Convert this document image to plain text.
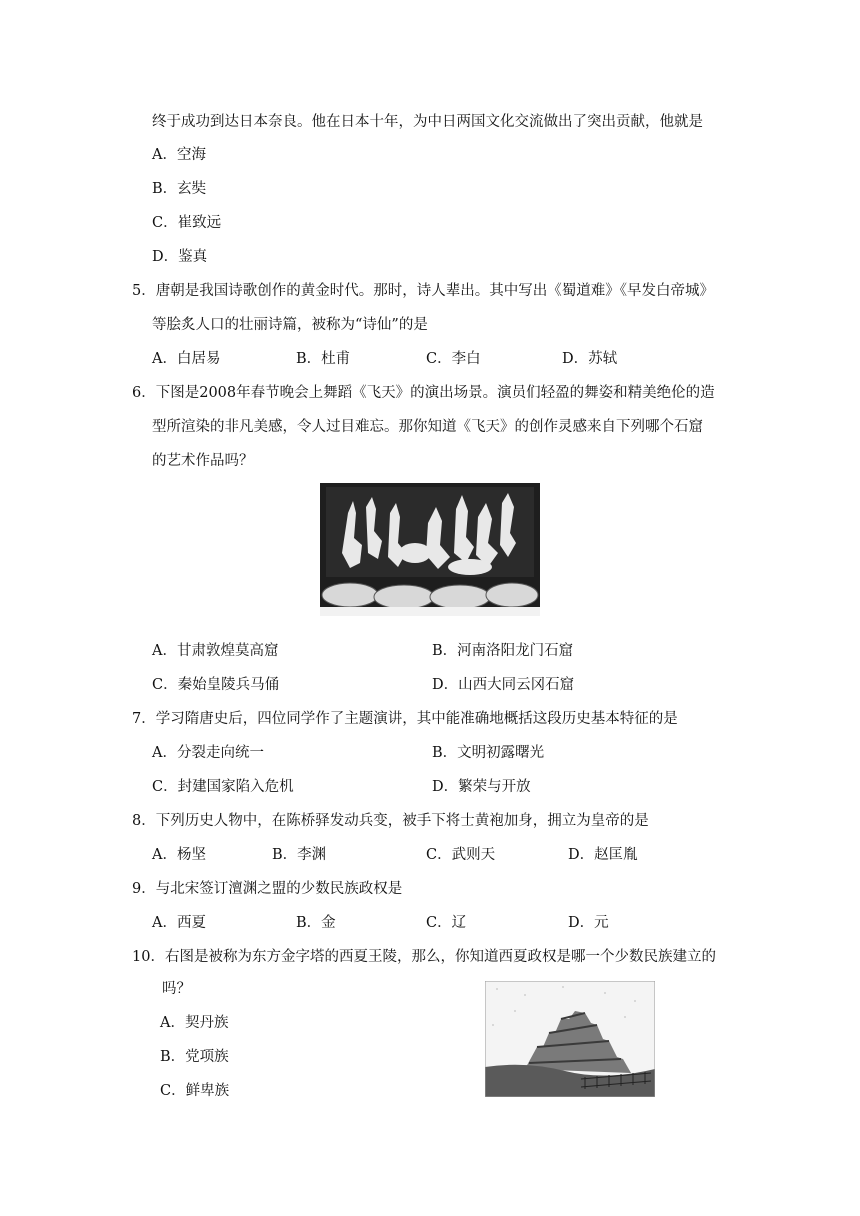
终于成功到达日本奈良。他在日本十年，为中日两国文化交流做出了突出贡献，他就是
A．空海
B．玄奘
C．崔致远
D．鉴真
5．唐朝是我国诗歌创作的黄金时代。那时，诗人辈出。其中写出《蜀道难》《早发白帝城》
等脍炙人口的壮丽诗篇，被称为“诗仙”的是
A．白居易	B．杜甫	C．李白	D．苏轼
6．下图是2008年春节晚会上舞蹈《飞天》的演出场景。演员们轻盈的舞姿和精美绝伦的造
型所渲染的非凡美感，令人过目难忘。那你知道《飞天》的创作灵感来自下列哪个石窟
的艺术作品吗？
A．甘肃敦煌莫高窟	B．河南洛阳龙门石窟
C．秦始皇陵兵马俑	D．山西大同云冈石窟
7．学习隋唐史后，四位同学作了主题演讲，其中能准确地概括这段历史基本特征的是
A．分裂走向统一	B．文明初露曙光
C．封建国家陷入危机	D．繁荣与开放
8．下列历史人物中，在陈桥驿发动兵变，被手下将士黄袍加身，拥立为皇帝的是
A．杨坚	B．李渊	C．武则天	D．赵匡胤
9．与北宋签订澶渊之盟的少数民族政权是
A．西夏	B．金	C．辽	D．元
10．右图是被称为东方金字塔的西夏王陵，那么，你知道西夏政权是哪一个少数民族建立的
吗？
A．契丹族
B．党项族
C．鲜卑族
